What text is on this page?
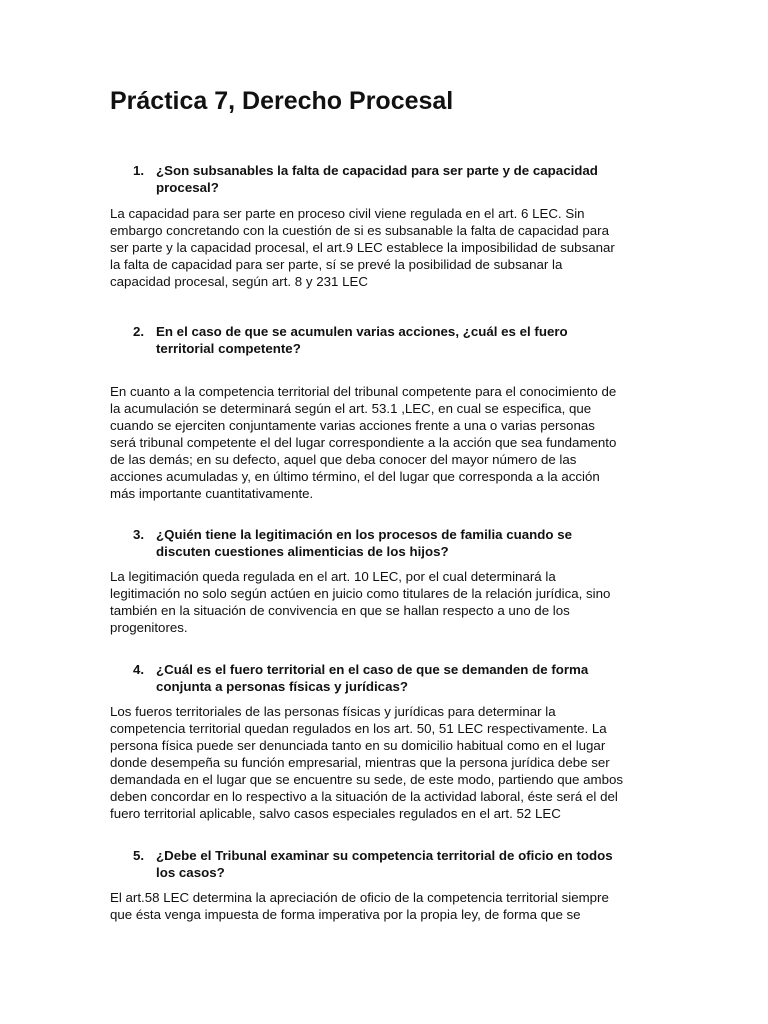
Práctica 7, Derecho Procesal
1. ¿Son subsanables la falta de capacidad para ser parte y de capacidad
procesal?
La capacidad para ser parte en proceso civil viene regulada en el art. 6 LEC. Sin
embargo concretando con la cuestión de si es subsanable la falta de capacidad para
ser parte y la capacidad procesal, el art.9 LEC establece la imposibilidad de subsanar
la falta de capacidad para ser parte, sí se prevé la posibilidad de subsanar la
capacidad procesal, según art. 8 y 231 LEC
2. En el caso de que se acumulen varias acciones, ¿cuál es el fuero
territorial competente?
En cuanto a la competencia territorial del tribunal competente para el conocimiento de
la acumulación se determinará según el art. 53.1 ,LEC, en cual se especifica, que
cuando se ejerciten conjuntamente varias acciones frente a una o varias personas
será tribunal competente el del lugar correspondiente a la acción que sea fundamento
de las demás; en su defecto, aquel que deba conocer del mayor número de las
acciones acumuladas y, en último término, el del lugar que corresponda a la acción
más importante cuantitativamente.
3. ¿Quién tiene la legitimación en los procesos de familia cuando se
discuten cuestiones alimenticias de los hijos?
La legitimación queda regulada en el art. 10 LEC, por el cual determinará la
legitimación no solo según actúen en juicio como titulares de la relación jurídica, sino
también en la situación de convivencia en que se hallan respecto a uno de los
progenitores.
4. ¿Cuál es el fuero territorial en el caso de que se demanden de forma
conjunta a personas físicas y jurídicas?
Los fueros territoriales de las personas físicas y jurídicas para determinar la
competencia territorial quedan regulados en los art. 50, 51 LEC respectivamente. La
persona física puede ser denunciada tanto en su domicilio habitual como en el lugar
donde desempeña su función empresarial, mientras que la persona jurídica debe ser
demandada en el lugar que se encuentre su sede, de este modo, partiendo que ambos
deben concordar en lo respectivo a la situación de la actividad laboral, éste será el del
fuero territorial aplicable, salvo casos especiales regulados en el art. 52 LEC
5. ¿Debe el Tribunal examinar su competencia territorial de oficio en todos
los casos?
El art.58 LEC determina la apreciación de oficio de la competencia territorial siempre
que ésta venga impuesta de forma imperativa por la propia ley, de forma que se
